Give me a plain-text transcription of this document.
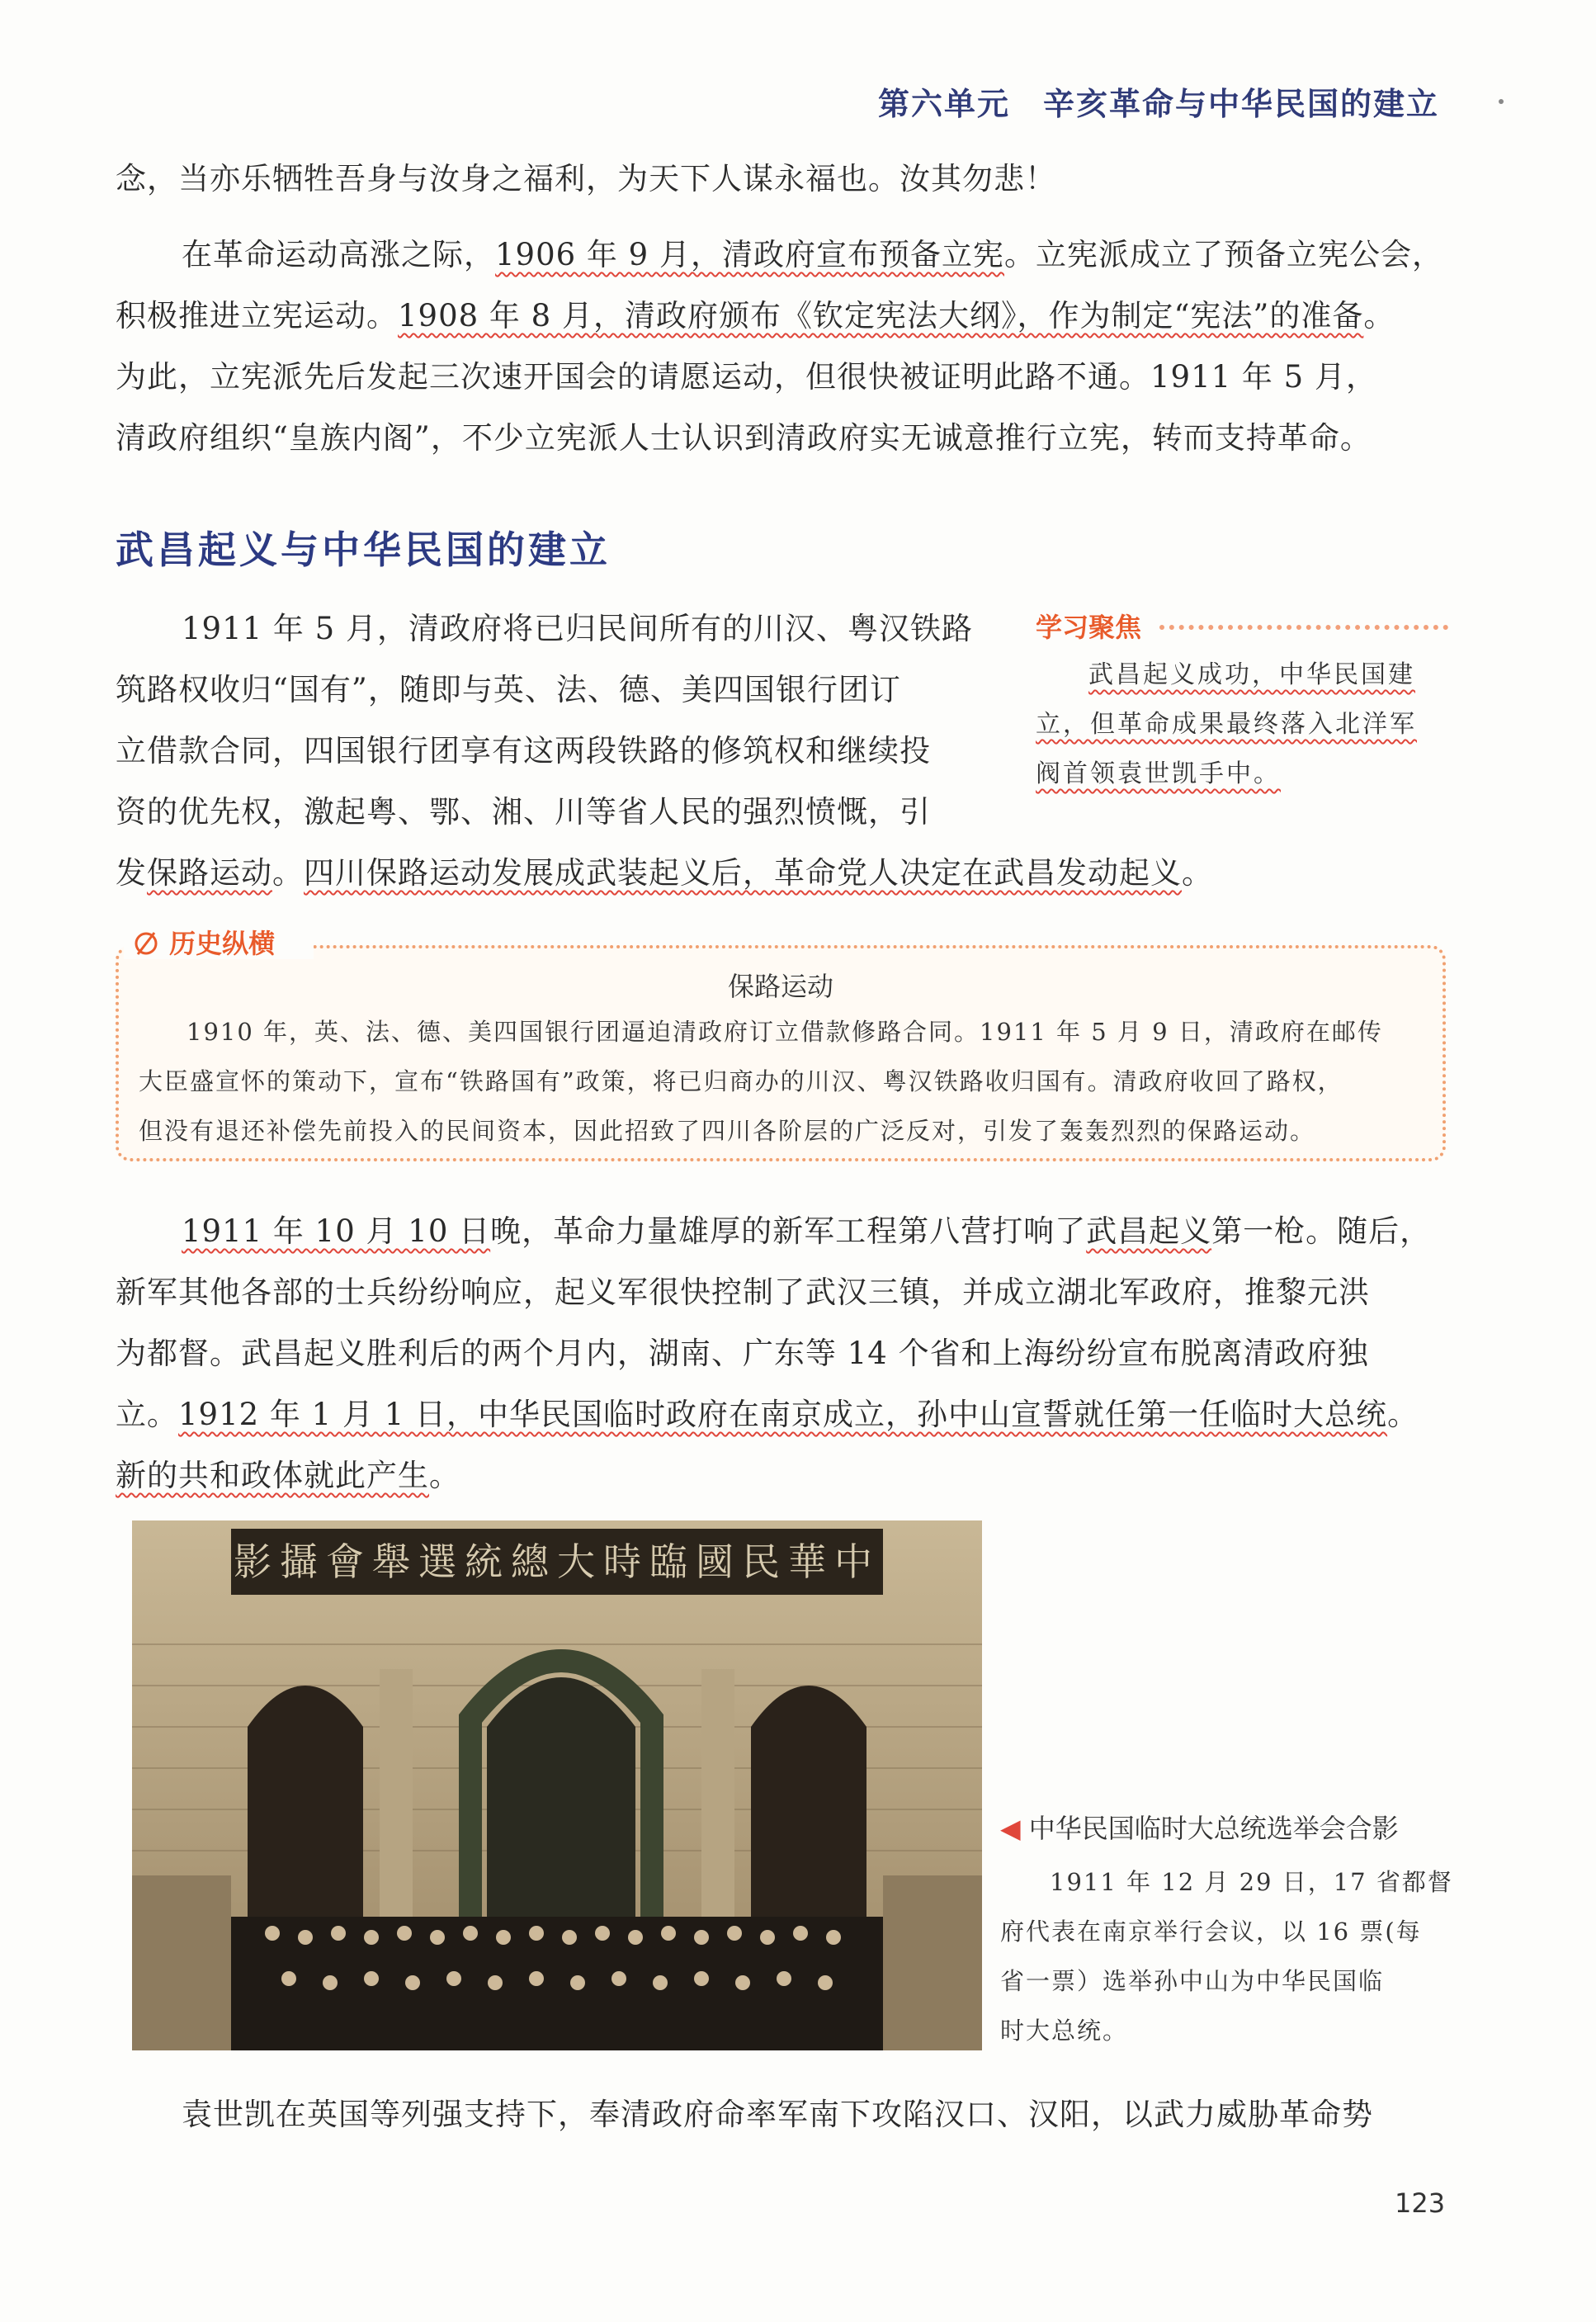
第六单元　辛亥革命与中华民国的建立
念，当亦乐牺牲吾身与汝身之福利，为天下人谋永福也。汝其勿悲！
在革命运动高涨之际，1906 年 9 月，清政府宣布预备立宪。立宪派成立了预备立宪公会，
积极推进立宪运动。1908 年 8 月，清政府颁布《钦定宪法大纲》，作为制定“宪法”的准备。
为此，立宪派先后发起三次速开国会的请愿运动，但很快被证明此路不通。1911 年 5 月，
清政府组织“皇族内阁”，不少立宪派人士认识到清政府实无诚意推行立宪，转而支持革命。
武昌起义与中华民国的建立
1911 年 5 月，清政府将已归民间所有的川汉、粤汉铁路
筑路权收归“国有”，随即与英、法、德、美四国银行团订
立借款合同，四国银行团享有这两段铁路的修筑权和继续投
资的优先权，激起粤、鄂、湘、川等省人民的强烈愤慨，引
发保路运动。四川保路运动发展成武装起义后，革命党人决定在武昌发动起义。
学习聚焦
武昌起义成功，中华民国建
立，但革命成果最终落入北洋军
阀首领袁世凯手中。
历史纵横
保路运动
1910 年，英、法、德、美四国银行团逼迫清政府订立借款修路合同。1911 年 5 月 9 日，清政府在邮传
大臣盛宣怀的策动下，宣布“铁路国有”政策，将已归商办的川汉、粤汉铁路收归国有。清政府收回了路权，
但没有退还补偿先前投入的民间资本，因此招致了四川各阶层的广泛反对，引发了轰轰烈烈的保路运动。
1911 年 10 月 10 日晚，革命力量雄厚的新军工程第八营打响了武昌起义第一枪。随后，
新军其他各部的士兵纷纷响应，起义军很快控制了武汉三镇，并成立湖北军政府，推黎元洪
为都督。武昌起义胜利后的两个月内，湖南、广东等 14 个省和上海纷纷宣布脱离清政府独
立。1912 年 1 月 1 日，中华民国临时政府在南京成立，孙中山宣誓就任第一任临时大总统。
新的共和政体就此产生。
影攝會舉選統總大時臨國民華中
◀ 中华民国临时大总统选举会合影
1911 年 12 月 29 日，17 省都督
府代表在南京举行会议，以 16 票(每
省一票）选举孙中山为中华民国临
时大总统。
袁世凯在英国等列强支持下，奉清政府命率军南下攻陷汉口、汉阳，以武力威胁革命势
123
